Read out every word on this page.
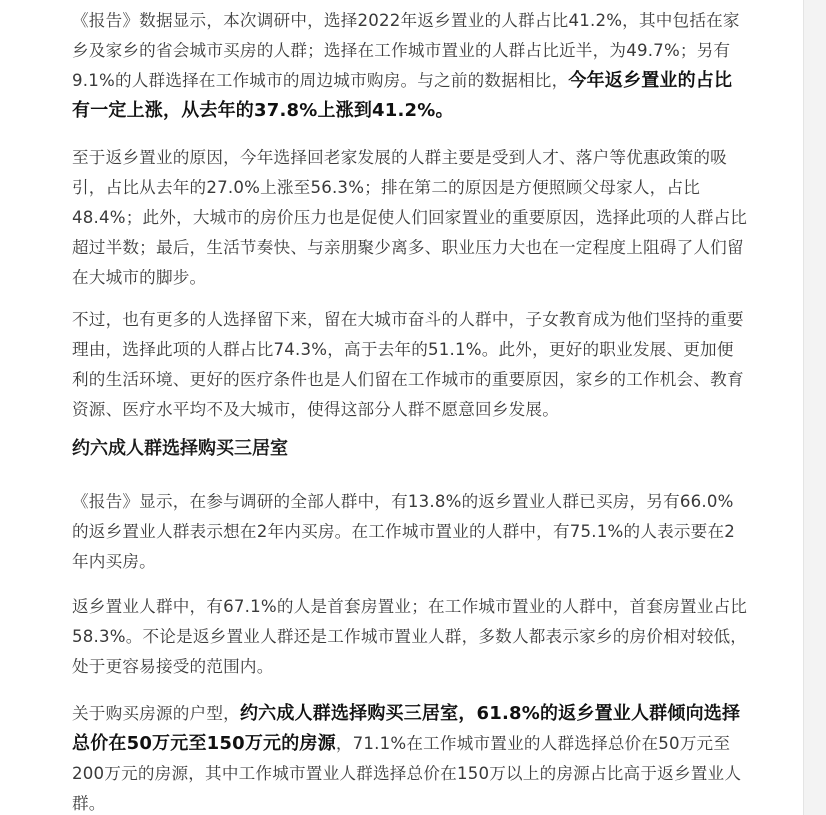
《报告》数据显示，本次调研中，选择2022年返乡置业的人群占比41.2%，其中包括在家乡及家乡的省会城市买房的人群；选择在工作城市置业的人群占比近半，为49.7%；另有9.1%的人群选择在工作城市的周边城市购房。与之前的数据相比，今年返乡置业的占比有一定上涨，从去年的37.8%上涨到41.2%。

至于返乡置业的原因，今年选择回老家发展的人群主要是受到人才、落户等优惠政策的吸引，占比从去年的27.0%上涨至56.3%；排在第二的原因是方便照顾父母家人，占比48.4%；此外，大城市的房价压力也是促使人们回家置业的重要原因，选择此项的人群占比超过半数；最后，生活节奏快、与亲朋聚少离多、职业压力大也在一定程度上阻碍了人们留在大城市的脚步。

不过，也有更多的人选择留下来，留在大城市奋斗的人群中，子女教育成为他们坚持的重要理由，选择此项的人群占比74.3%，高于去年的51.1%。此外，更好的职业发展、更加便利的生活环境、更好的医疗条件也是人们留在工作城市的重要原因，家乡的工作机会、教育资源、医疗水平均不及大城市，使得这部分人群不愿意回乡发展。

约六成人群选择购买三居室

《报告》显示，在参与调研的全部人群中，有13.8%的返乡置业人群已买房，另有66.0%的返乡置业人群表示想在2年内买房。在工作城市置业的人群中，有75.1%的人表示要在2年内买房。

返乡置业人群中，有67.1%的人是首套房置业；在工作城市置业的人群中，首套房置业占比58.3%。不论是返乡置业人群还是工作城市置业人群，多数人都表示家乡的房价相对较低，处于更容易接受的范围内。

关于购买房源的户型，约六成人群选择购买三居室，61.8%的返乡置业人群倾向选择总价在50万元至150万元的房源，71.1%在工作城市置业的人群选择总价在50万元至200万元的房源，其中工作城市置业人群选择总价在150万以上的房源占比高于返乡置业人群。
